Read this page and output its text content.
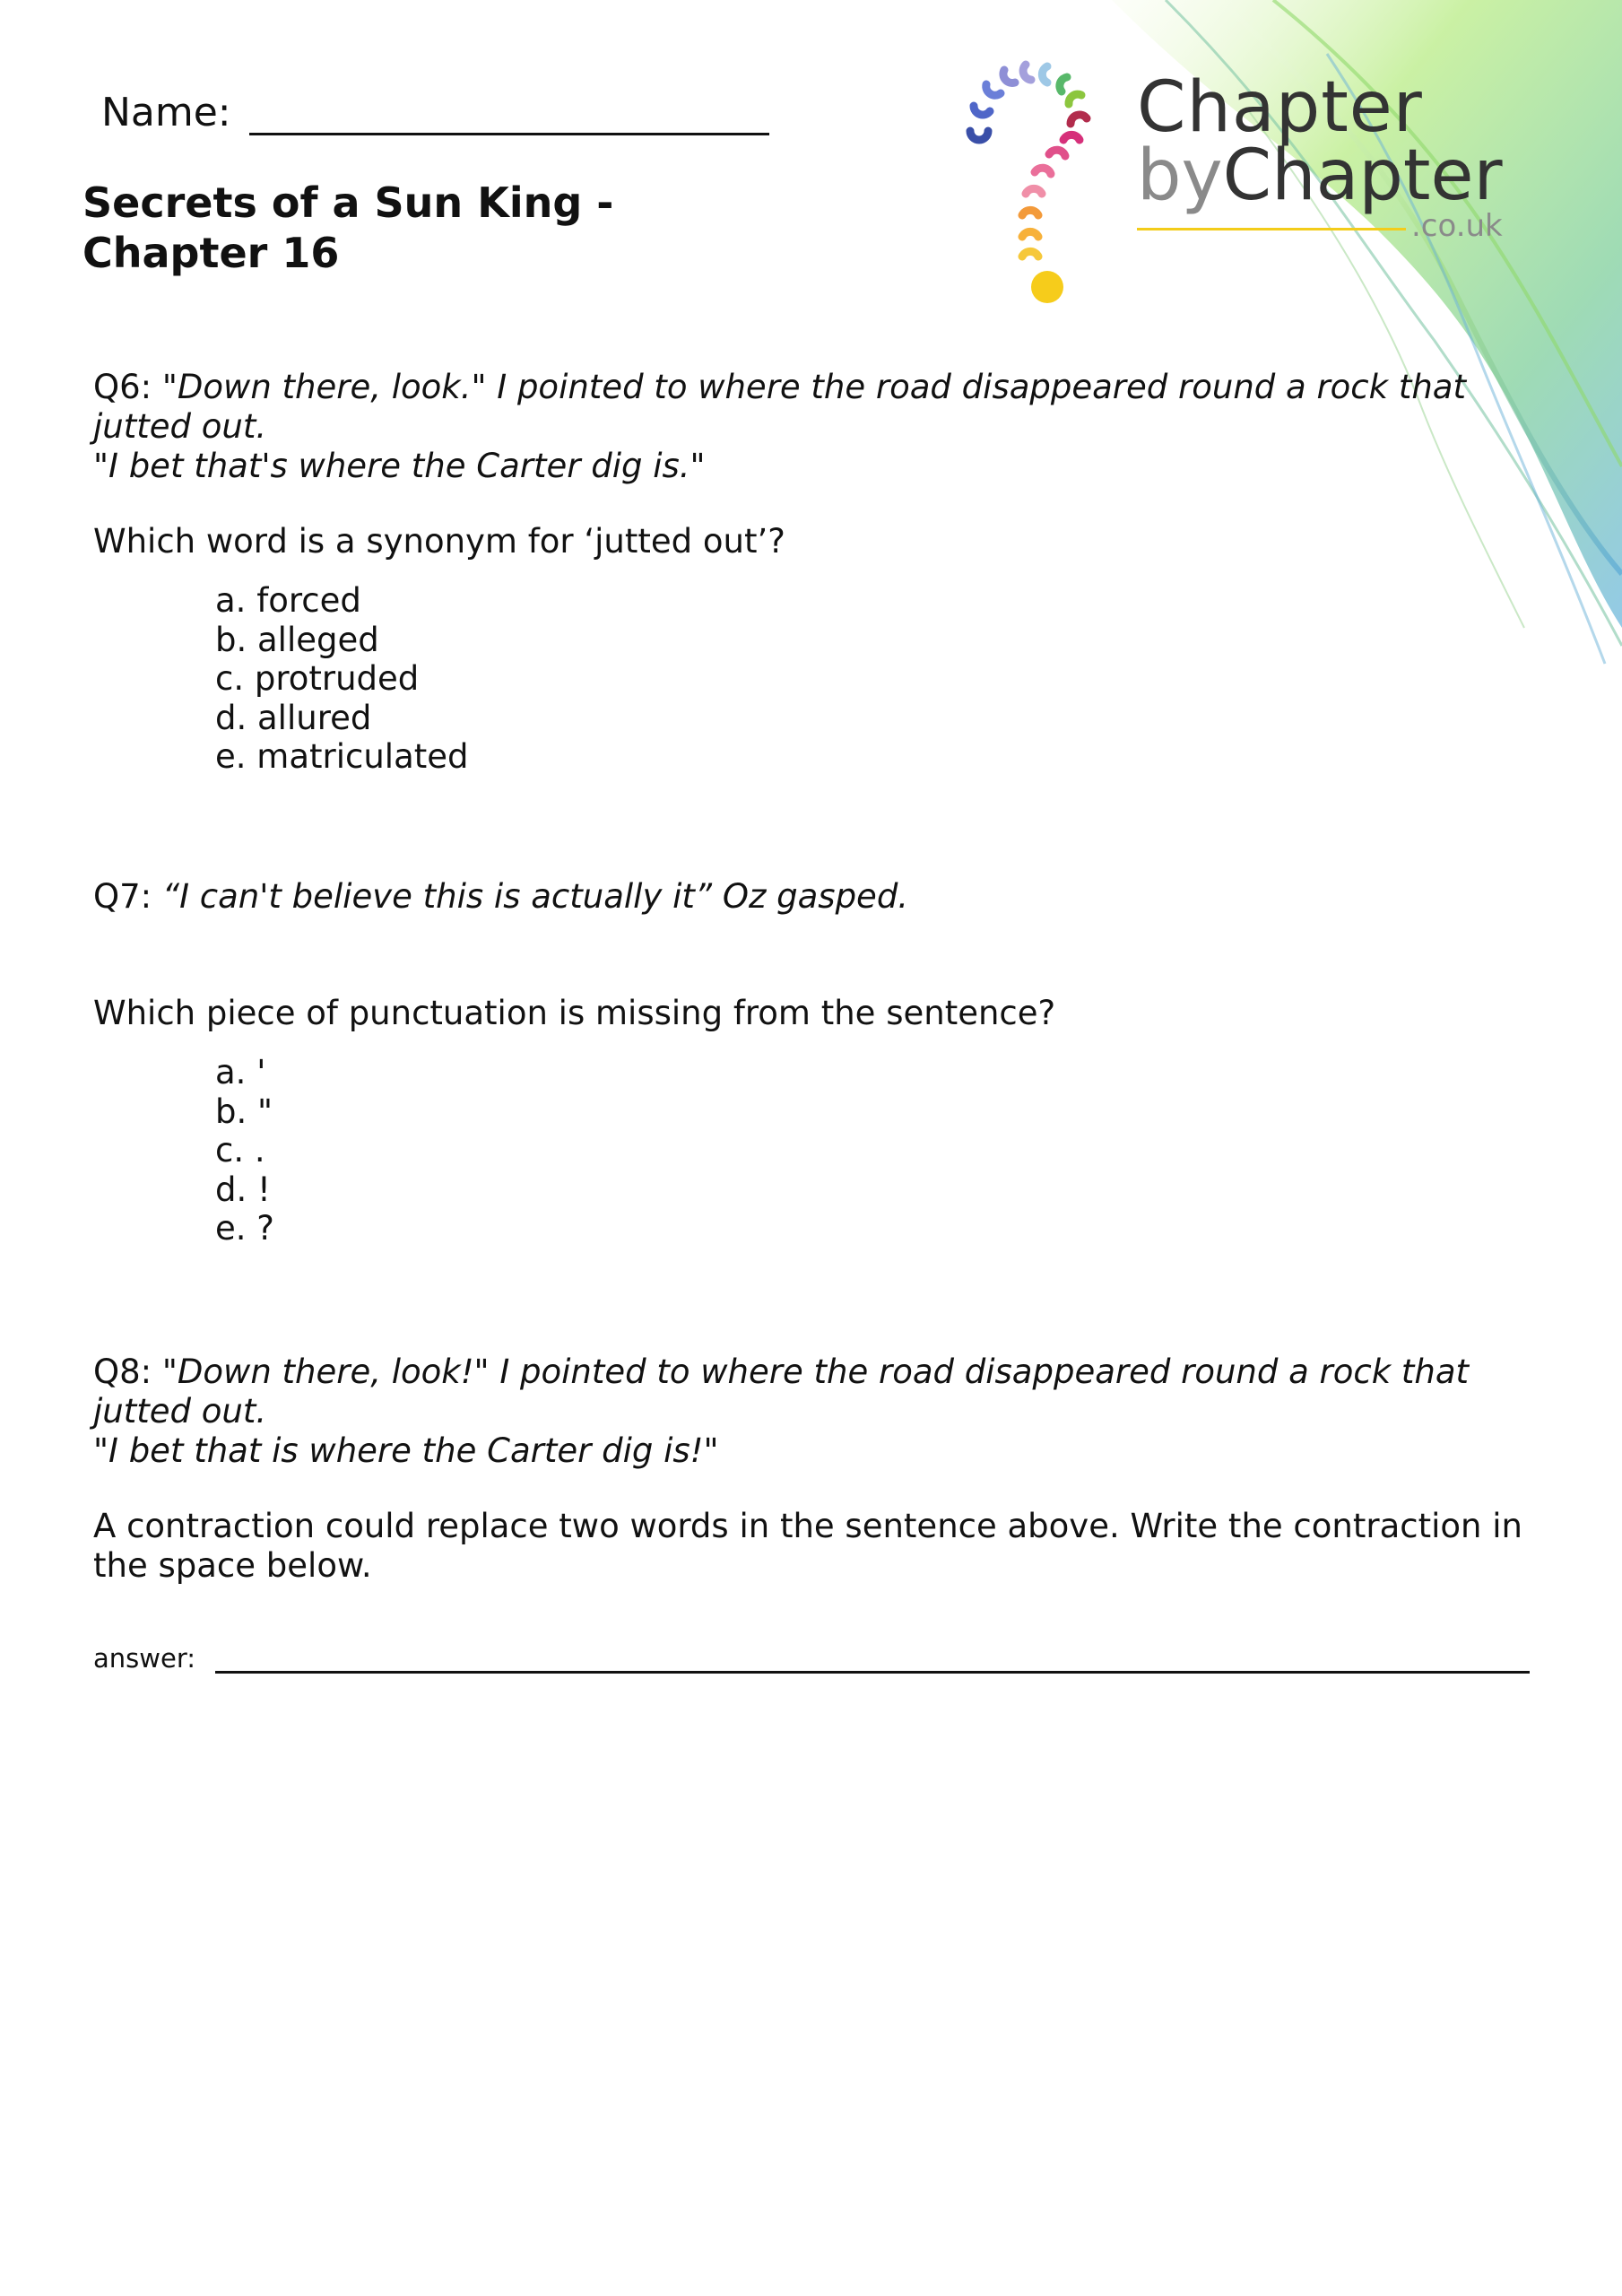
Chapter
byChapter
.co.uk
Name:
Secrets of a Sun King -
Chapter 16
Q6: "Down there, look." I pointed to where the road disappeared round a rock that
jutted out.
"I bet that's where the Carter dig is."
Which word is a synonym for ‘jutted out’?
a. forced
b. alleged
c. protruded
d. allured
e. matriculated
Q7: “I can't believe this is actually it” Oz gasped.
Which piece of punctuation is missing from the sentence?
a. '
b. "
c. .
d. !
e. ?
Q8: "Down there, look!" I pointed to where the road disappeared round a rock that
jutted out.
"I bet that is where the Carter dig is!"
A contraction could replace two words in the sentence above. Write the contraction in
the space below.
answer:
